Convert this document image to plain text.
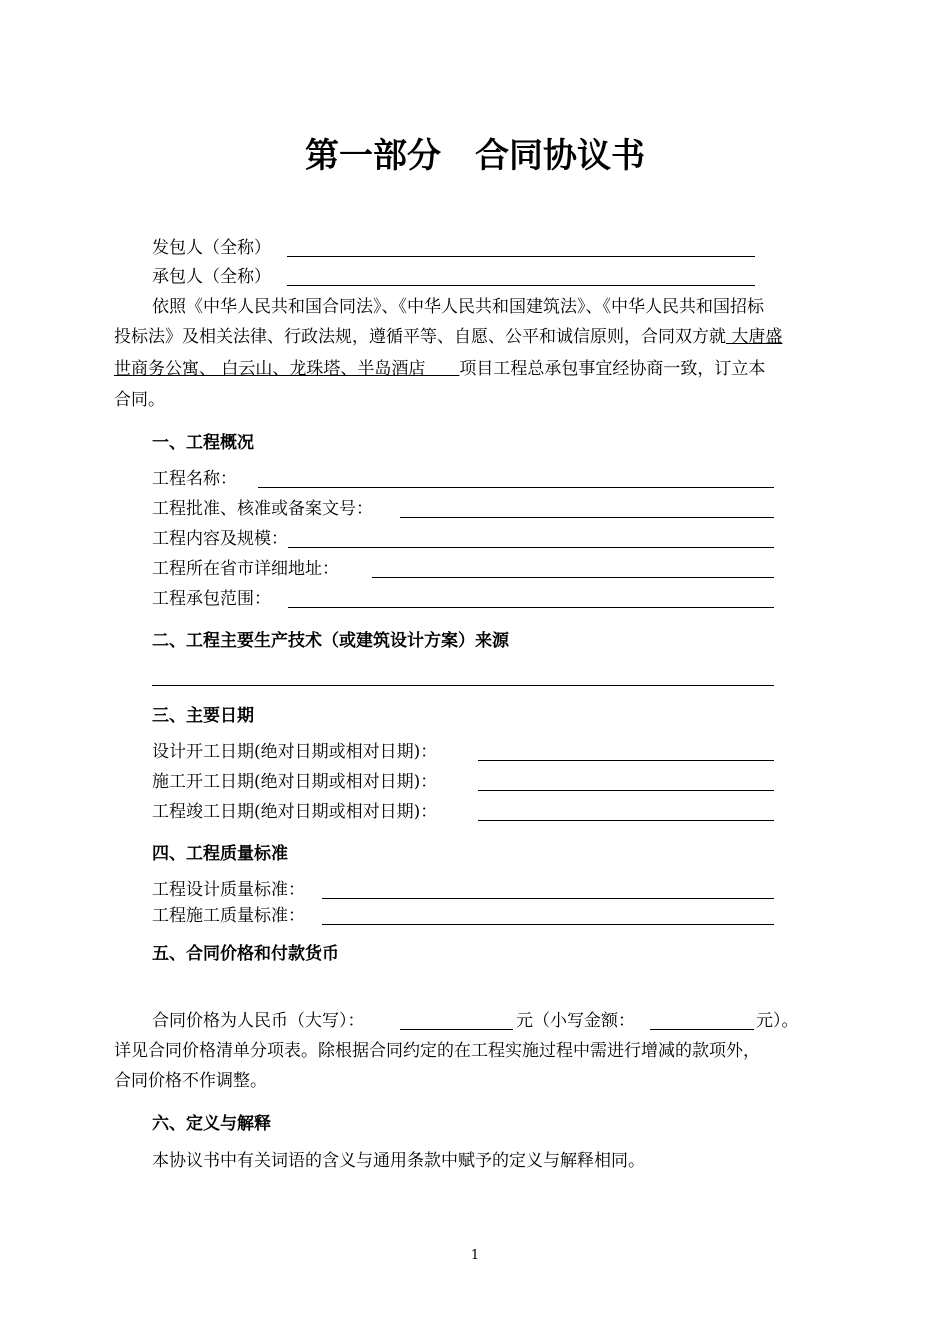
第一部分　合同协议书
发包人（全称）
承包人（全称）
依照《中华人民共和国合同法》、《中华人民共和国建筑法》、《中华人民共和国招标
投标法》及相关法律、行政法规，遵循平等、自愿、公平和诚信原则，合同双方就 大唐盛
世商务公寓、 白云山、龙珠塔、半岛酒店　　项目工程总承包事宜经协商一致，订立本
合同。
一、工程概况
工程名称：
工程批准、核准或备案文号：
工程内容及规模：
工程所在省市详细地址：
工程承包范围：
二、工程主要生产技术（或建筑设计方案）来源
三、主要日期
设计开工日期(绝对日期或相对日期)：
施工开工日期(绝对日期或相对日期)：
工程竣工日期(绝对日期或相对日期)：
四、工程质量标准
工程设计质量标准：
工程施工质量标准：
五、合同价格和付款货币
合同价格为人民币（大写）：	元（小写金额：	元）。
详见合同价格清单分项表。除根据合同约定的在工程实施过程中需进行增减的款项外，
合同价格不作调整。
六、定义与解释
本协议书中有关词语的含义与通用条款中赋予的定义与解释相同。
1
